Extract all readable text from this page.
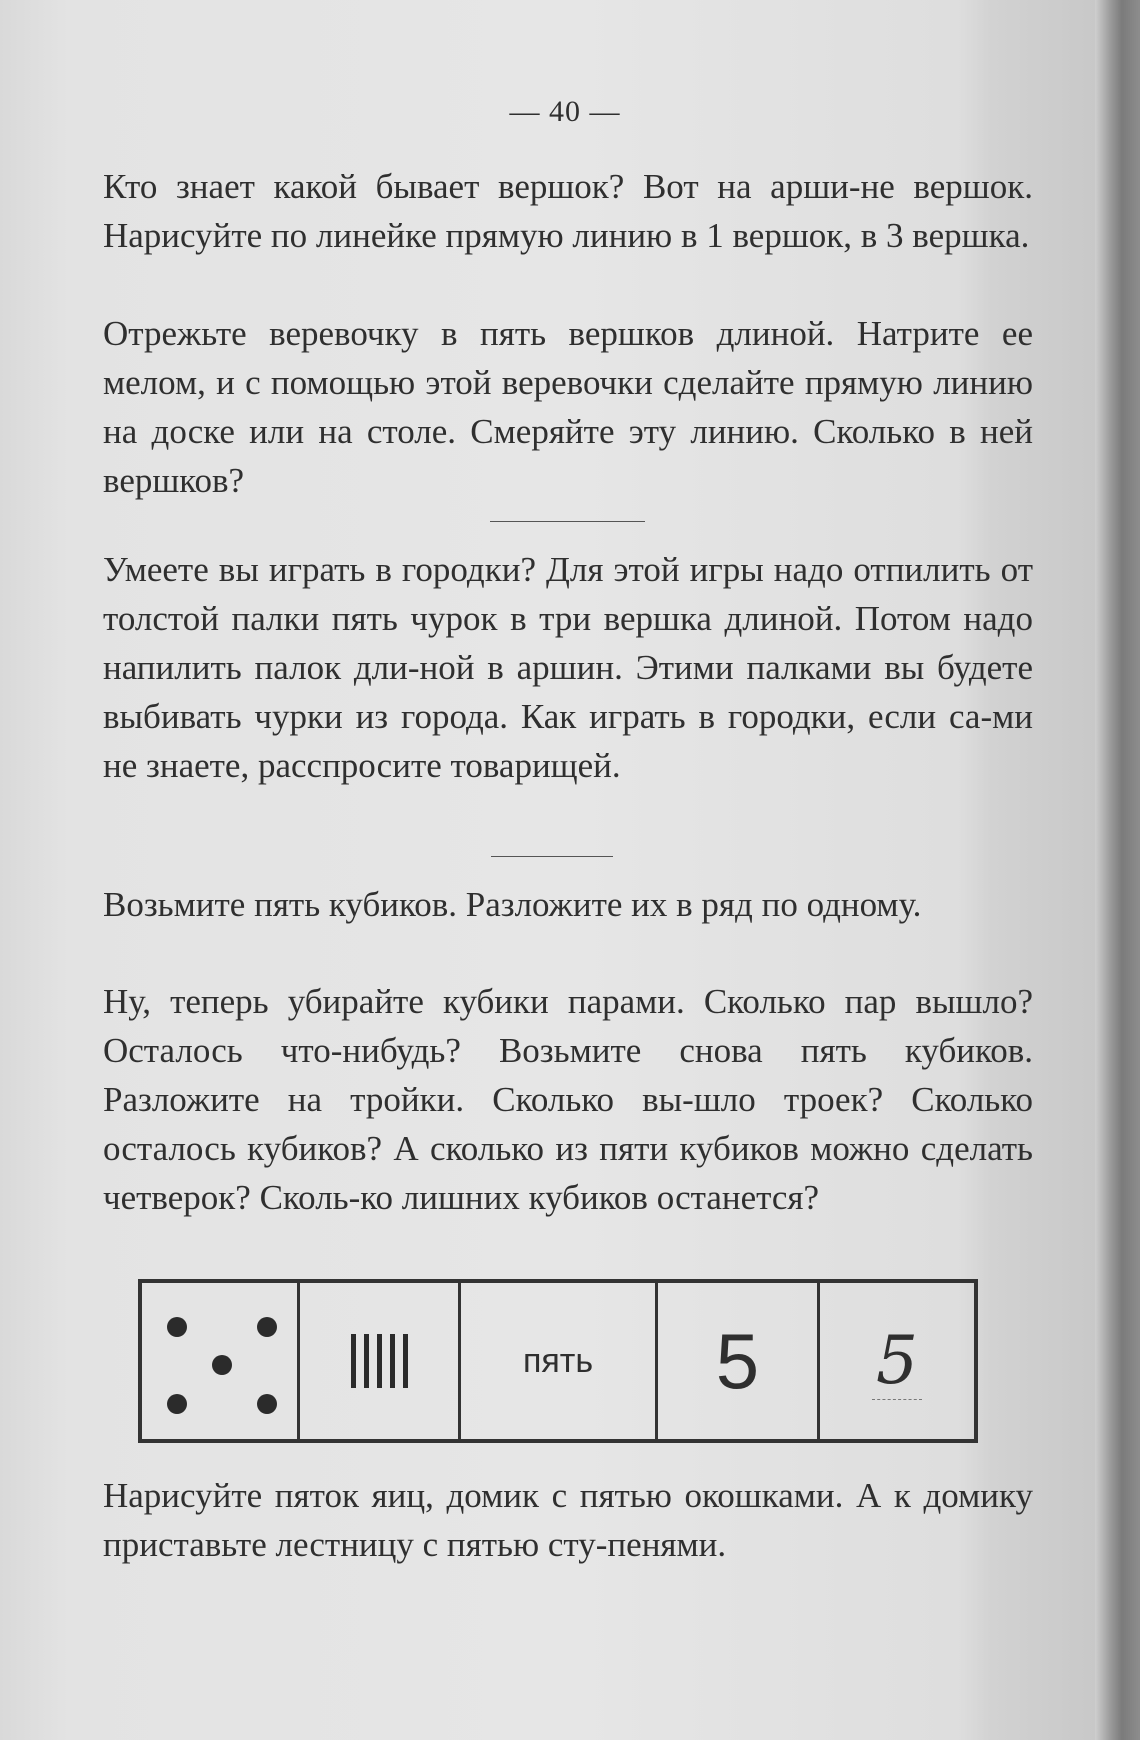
— 40 —

Кто знает какой бывает вершок? Вот на арши-не вершок. Нарисуйте по линейке прямую линию в 1 вершок, в 3 вершка.

Отрежьте веревочку в пять вершков длиной. Натрите ее мелом, и с помощью этой веревочки сделайте прямую линию на доске или на столе. Смеряйте эту линию. Сколько в ней вершков?

Умеете вы играть в городки? Для этой игры надо отпилить от толстой палки пять чурок в три вершка длиной. Потом надо напилить палок дли-ной в аршин. Этими палками вы будете выбивать чурки из города. Как играть в городки, если са-ми не знаете, расспросите товарищей.

Возьмите пять кубиков. Разложите их в ряд по одному.

Ну, теперь убирайте кубики парами. Сколько пар вышло? Осталось что-нибудь? Возьмите снова пять кубиков. Разложите на тройки. Сколько вы-шло троек? Сколько осталось кубиков? А сколько из пяти кубиков можно сделать четверок? Сколь-ко лишних кубиков останется?

пять 5 5

Нарисуйте пяток яиц, домик с пятью окошками. А к домику приставьте лестницу с пятью сту-пенями.
